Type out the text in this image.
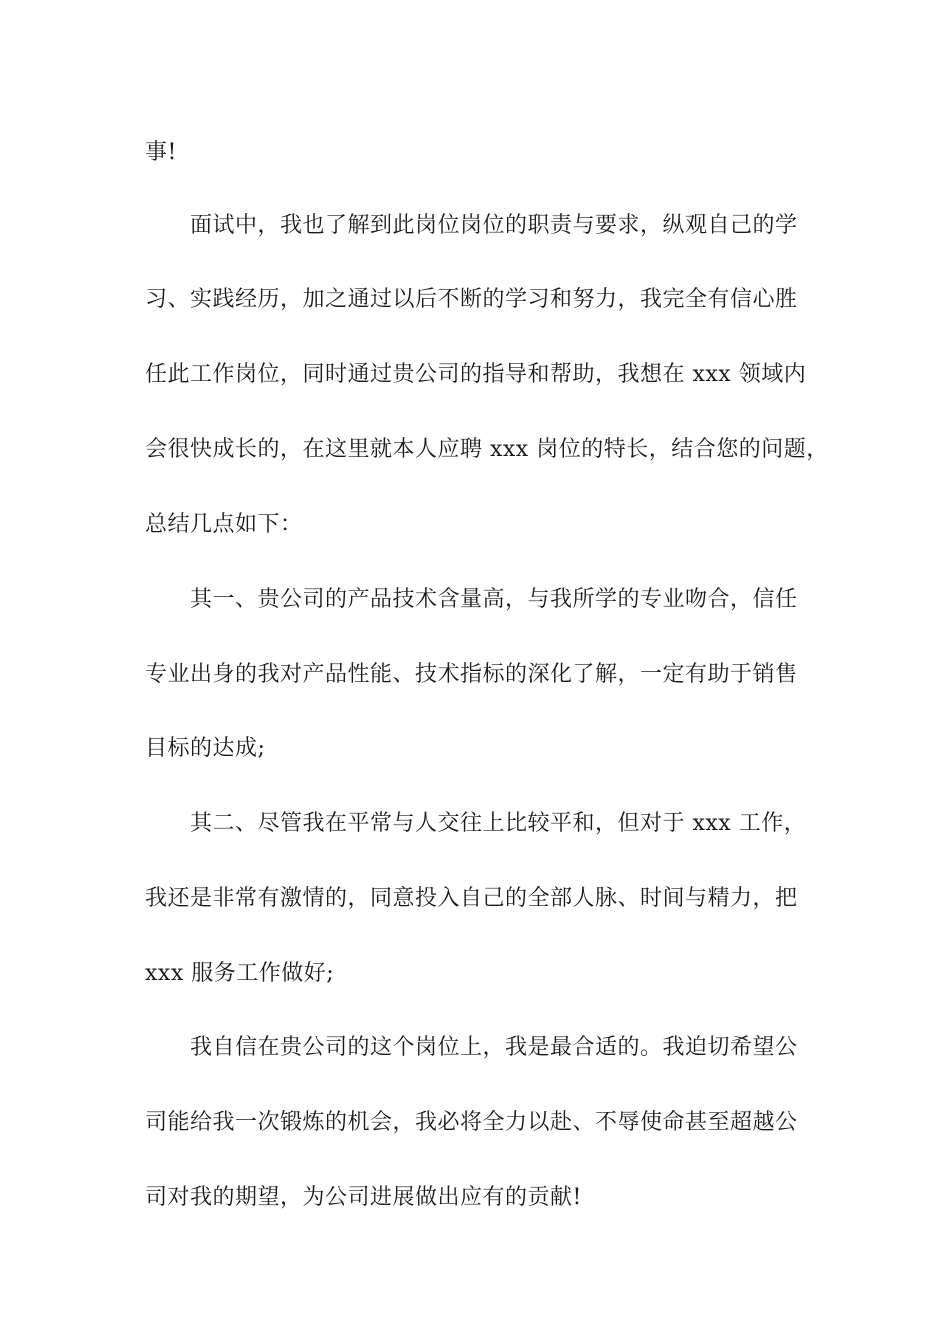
事!
面试中，我也了解到此岗位岗位的职责与要求，纵观自己的学
习、实践经历，加之通过以后不断的学习和努力，我完全有信心胜
任此工作岗位，同时通过贵公司的指导和帮助，我想在 xxx 领域内
会很快成长的，在这里就本人应聘 xxx 岗位的特长，结合您的问题，
总结几点如下：
其一、贵公司的产品技术含量高，与我所学的专业吻合，信任
专业出身的我对产品性能、技术指标的深化了解，一定有助于销售
目标的达成;
其二、尽管我在平常与人交往上比较平和，但对于 xxx 工作，
我还是非常有激情的，同意投入自己的全部人脉、时间与精力，把
xxx 服务工作做好;
我自信在贵公司的这个岗位上，我是最合适的。我迫切希望公
司能给我一次锻炼的机会，我必将全力以赴、不辱使命甚至超越公
司对我的期望，为公司进展做出应有的贡献!
